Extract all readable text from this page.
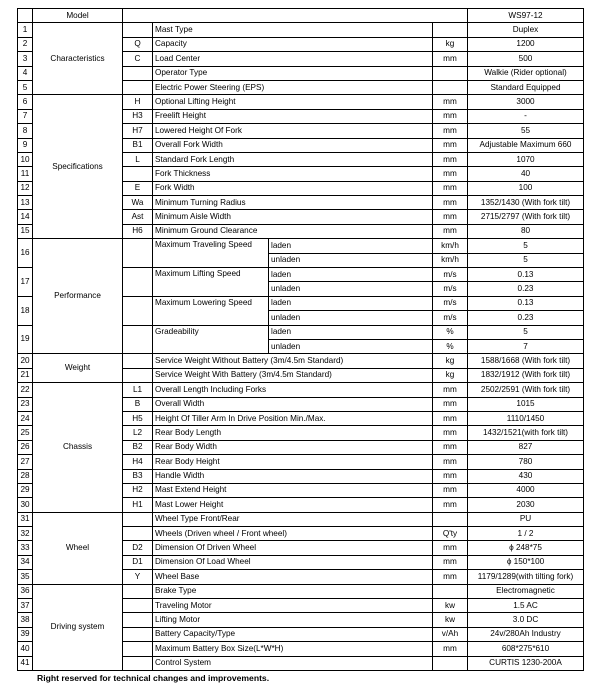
	Model					WS97-12
1	Characteristics		Mast Type			Duplex
2		Q	Capacity		kg	1200
3		C	Load Center		mm	500
4			Operator Type			Walkie (Rider optional)
5			Electric Power Steering (EPS)			Standard Equipped
6	Specifications	H	Optional Lifting Height		mm	3000
7		H3	Freelift Height		mm	-
8		H7	Lowered Height Of Fork		mm	55
9		B1	Overall Fork Width		mm	Adjustable Maximum 660
10		L	Standard Fork Length		mm	1070
11			Fork Thickness		mm	40
12		E	Fork Width		mm	100
13		Wa	Minimum Turning Radius		mm	1352/1430 (With fork tilt)
14		Ast	Minimum Aisle Width		mm	2715/2797 (With fork tilt)
15		H6	Minimum Ground Clearance		mm	80
16	Performance		Maximum Traveling Speed	laden	km/h	5
				unladen	km/h	5
17			Maximum Lifting Speed	laden	m/s	0.13
				unladen	m/s	0.23
18			Maximum Lowering Speed	laden	m/s	0.13
				unladen	m/s	0.23
19			Gradeability	laden	%	5
				unladen	%	7
20	Weight		Service Weight Without Battery (3m/4.5m Standard)		kg	1588/1668 (With fork tilt)
21			Service Weight With Battery (3m/4.5m Standard)		kg	1832/1912 (With fork tilt)
22	Chassis	L1	Overall Length Including Forks		mm	2502/2591 (With fork tilt)
23		B	Overall Width		mm	1015
24		H5	Height Of Tiller Arm In Drive Position Min./Max.		mm	1110/1450
25		L2	Rear Body Length		mm	1432/1521(with fork tilt)
26		B2	Rear Body Width		mm	827
27		H4	Rear Body Height		mm	780
28		B3	Handle Width		mm	430
29		H2	Mast Extend Height		mm	4000
30		H1	Mast Lower Height		mm	2030
31	Wheel		Wheel Type Front/Rear			PU
32			Wheels (Driven wheel / Front wheel)		Q'ty	1 / 2
33		D2	Dimension Of Driven Wheel		mm	ϕ 248*75
34		D1	Dimension Of Load Wheel		mm	ϕ 150*100
35		Y	Wheel Base		mm	1179/1289(with tilting fork)
36	Driving system		Brake Type			Electromagnetic
37			Traveling Motor		kw	1.5 AC
38			Lifting Motor		kw	3.0 DC
39			Battery Capacity/Type		v/Ah	24v/280Ah Industry
40			Maximum Battery Box Size(L*W*H)		mm	608*275*610
41			Control System			CURTIS 1230-200A
Right reserved for technical changes and improvements.
